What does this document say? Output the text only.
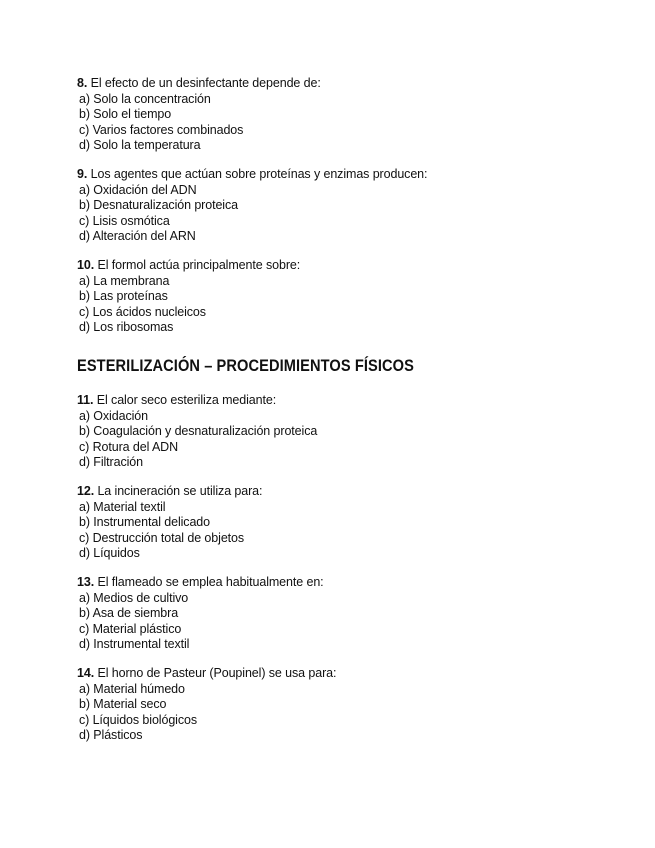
8. El efecto de un desinfectante depende de:
a) Solo la concentración
b) Solo el tiempo
c) Varios factores combinados
d) Solo la temperatura
9. Los agentes que actúan sobre proteínas y enzimas producen:
a) Oxidación del ADN
b) Desnaturalización proteica
c) Lisis osmótica
d) Alteración del ARN
10. El formol actúa principalmente sobre:
a) La membrana
b) Las proteínas
c) Los ácidos nucleicos
d) Los ribosomas
ESTERILIZACIÓN – PROCEDIMIENTOS FÍSICOS
11. El calor seco esteriliza mediante:
a) Oxidación
b) Coagulación y desnaturalización proteica
c) Rotura del ADN
d) Filtración
12. La incineración se utiliza para:
a) Material textil
b) Instrumental delicado
c) Destrucción total de objetos
d) Líquidos
13. El flameado se emplea habitualmente en:
a) Medios de cultivo
b) Asa de siembra
c) Material plástico
d) Instrumental textil
14. El horno de Pasteur (Poupinel) se usa para:
a) Material húmedo
b) Material seco
c) Líquidos biológicos
d) Plásticos
